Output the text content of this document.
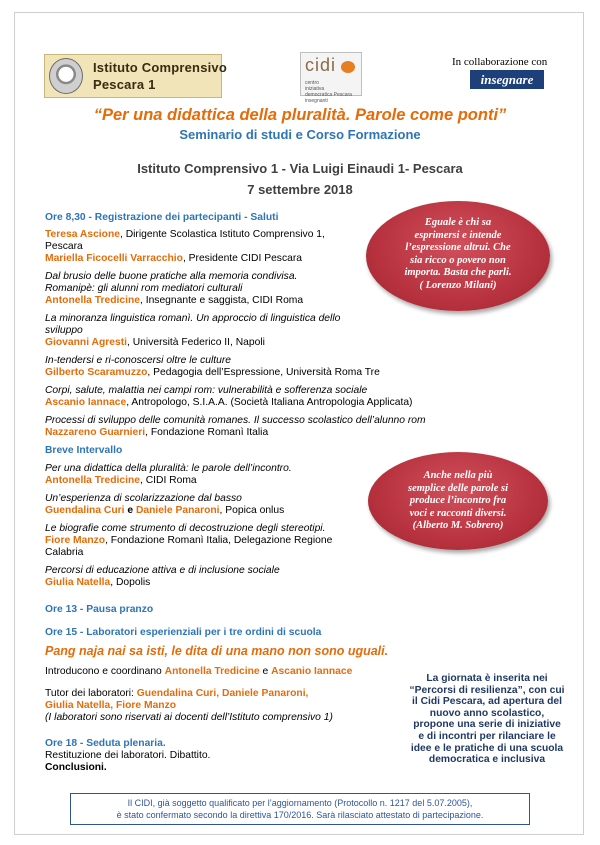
Istituto Comprensivo
Pescara 1
cidi
centro
iniziativa
democratica Pescara
insegnanti
In collaborazione con
insegnare
“Per una didattica della pluralità. Parole come ponti”
Seminario di studi e Corso Formazione
Istituto Comprensivo 1 - Via Luigi Einaudi 1- Pescara
7 settembre 2018
Ore 8,30 - Registrazione dei partecipanti - Saluti
Teresa Ascione, Dirigente Scolastica Istituto Comprensivo 1,
Pescara
Mariella Ficocelli Varracchio, Presidente CIDI Pescara
Dal brusio delle buone pratiche alla memoria condivisa.
Romanipè: gli alunni rom mediatori culturali
Antonella Tredicine, Insegnante e saggista, CIDI Roma
La minoranza linguistica romanì. Un approccio di linguistica dello
sviluppo
Giovanni Agresti, Università Federico II, Napoli
In-tendersi e ri-conoscersi oltre le culture
Gilberto Scaramuzzo, Pedagogia dell’Espressione, Università Roma Tre
Corpi, salute, malattia nei campi rom: vulnerabilità e sofferenza sociale
Ascanio Iannace, Antropologo, S.I.A.A. (Società Italiana Antropologia Applicata)
Processi di sviluppo delle comunità romanes. Il successo scolastico dell’alunno rom
Nazzareno Guarnieri, Fondazione Romanì Italia
Breve Intervallo
Per una didattica della pluralità: le parole dell’incontro.
Antonella Tredicine, CIDI Roma
Un’esperienza di scolarizzazione dal basso
Guendalina Curi e Daniele Panaroni, Popica onlus
Le biografie come strumento di decostruzione degli stereotipi.
Fiore Manzo, Fondazione Romanì Italia, Delegazione Regione
Calabria
Percorsi di educazione attiva e di inclusione sociale
Giulia Natella, Dopolis
Ore 13 - Pausa pranzo
Ore 15 - Laboratori esperienziali per i tre ordini di scuola
Pang naja nai sa isti, le dita di una mano non sono uguali.
Introducono e coordinano Antonella Tredicine e Ascanio Iannace
Tutor dei laboratori: Guendalina Curi, Daniele Panaroni,
Giulia Natella, Fiore Manzo
(I laboratori sono riservati ai docenti dell’Istituto comprensivo 1)
Ore 18 - Seduta plenaria.
Restituzione dei laboratori. Dibattito.
Conclusioni.
Eguale è chi sa
esprimersi e intende
l’espressione altrui. Che
sia ricco o povero non
importa. Basta che parli.
( Lorenzo Milani)
Anche nella più
semplice delle parole si
produce l’incontro fra
voci e racconti diversi.
(Alberto M. Sobrero)
La giornata è inserita nei
“Percorsi di resilienza”, con cui
il Cidi Pescara, ad apertura del
nuovo anno scolastico,
propone una serie di iniziative
e di incontri per rilanciare le
idee e le pratiche di una scuola
democratica e inclusiva
Il CIDI, già soggetto qualificato per l’aggiornamento (Protocollo n. 1217 del 5.07.2005),
è stato confermato secondo la direttiva 170/2016. Sarà rilasciato attestato di partecipazione.
